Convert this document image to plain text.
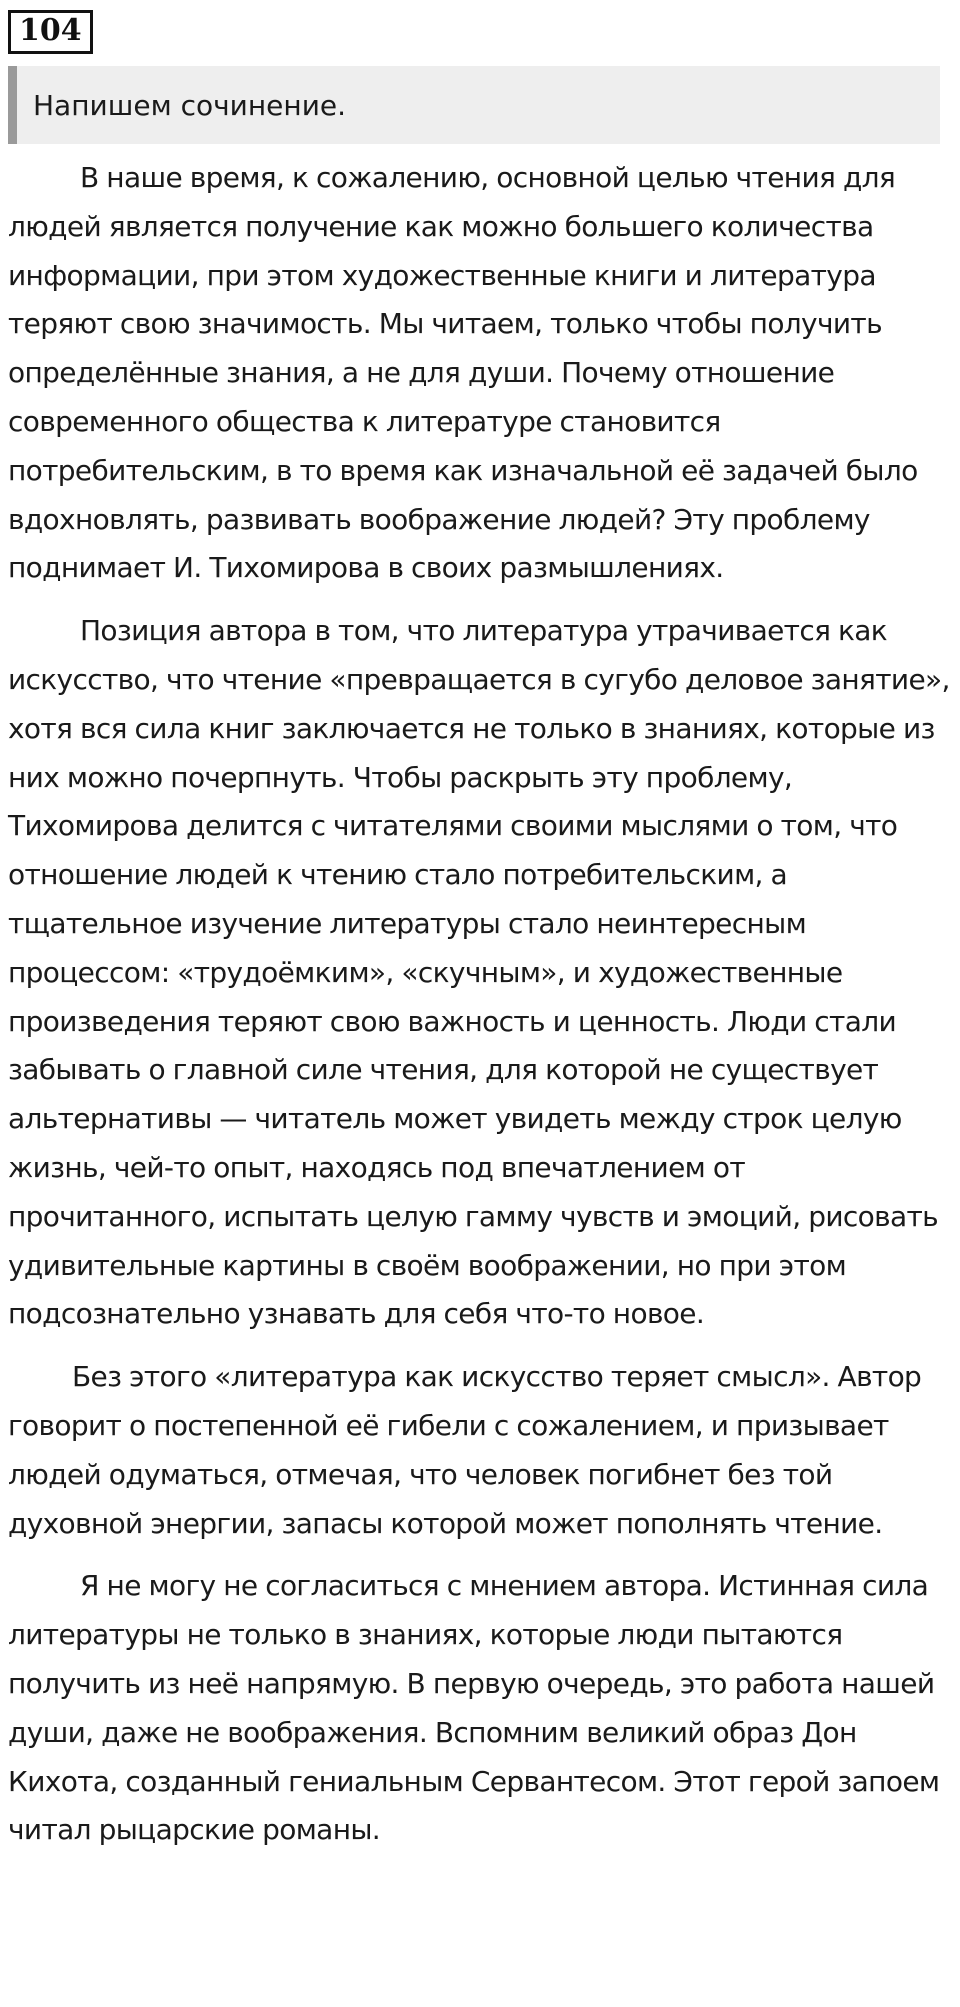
104
Напишем сочинение.

В наше время, к сожалению, основной целью чтения для людей является получение как можно большего количества информации, при этом художественные книги и литература теряют свою значимость. Мы читаем, только чтобы получить определённые знания, а не для души. Почему отношение современного общества к литературе становится потребительским, в то время как изначальной её задачей было вдохновлять, развивать воображение людей? Эту проблему поднимает И. Тихомирова в своих размышлениях.

Позиция автора в том, что литература утрачивается как искусство, что чтение «превращается в сугубо деловое занятие», хотя вся сила книг заключается не только в знаниях, которые из них можно почерпнуть. Чтобы раскрыть эту проблему, Тихомирова делится с читателями своими мыслями о том, что отношение людей к чтению стало потребительским, а тщательное изучение литературы стало неинтересным процессом: «трудоёмким», «скучным», и художественные произведения теряют свою важность и ценность. Люди стали забывать о главной силе чтения, для которой не существует альтернативы — читатель может увидеть между строк целую жизнь, чей-то опыт, находясь под впечатлением от прочитанного, испытать целую гамму чувств и эмоций, рисовать удивительные картины в своём воображении, но при этом подсознательно узнавать для себя что-то новое.

Без этого «литература как искусство теряет смысл». Автор говорит о постепенной её гибели с сожалением, и призывает людей одуматься, отмечая, что человек погибнет без той духовной энергии, запасы которой может пополнять чтение.

Я не могу не согласиться с мнением автора. Истинная сила литературы не только в знаниях, которые люди пытаются получить из неё напрямую. В первую очередь, это работа нашей души, даже не воображения. Вспомним великий образ Дон Кихота, созданный гениальным Сервантесом. Этот герой запоем читал рыцарские романы.
